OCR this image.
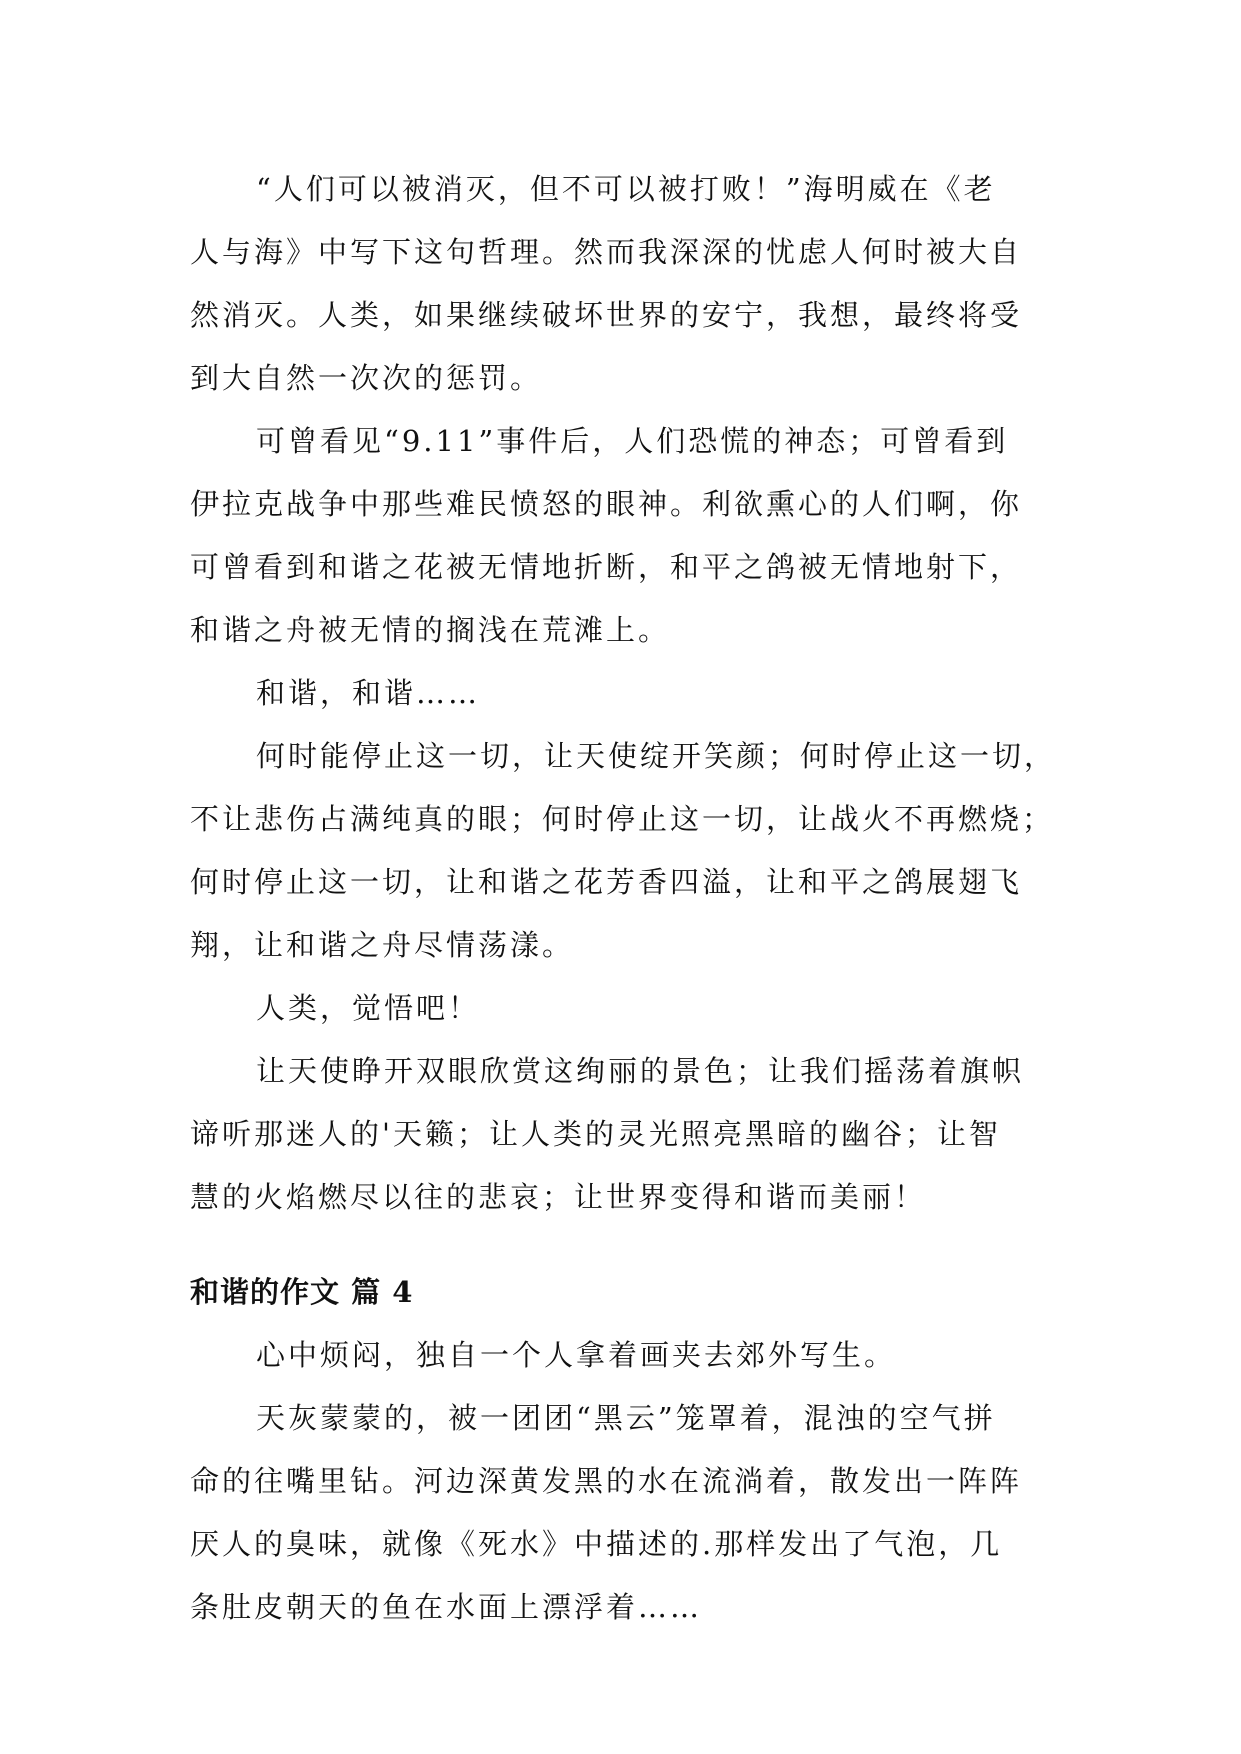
“人们可以被消灭，但不可以被打败！”海明威在《老
人与海》中写下这句哲理。然而我深深的忧虑人何时被大自
然消灭。人类，如果继续破坏世界的安宁，我想，最终将受
到大自然一次次的惩罚。
可曾看见“9.11”事件后，人们恐慌的神态；可曾看到
伊拉克战争中那些难民愤怒的眼神。利欲熏心的人们啊，你
可曾看到和谐之花被无情地折断，和平之鸽被无情地射下，
和谐之舟被无情的搁浅在荒滩上。
和谐，和谐……
何时能停止这一切，让天使绽开笑颜；何时停止这一切，
不让悲伤占满纯真的眼；何时停止这一切，让战火不再燃烧；
何时停止这一切，让和谐之花芳香四溢，让和平之鸽展翅飞
翔，让和谐之舟尽情荡漾。
人类，觉悟吧！
让天使睁开双眼欣赏这绚丽的景色；让我们摇荡着旗帜
谛听那迷人的'天籁；让人类的灵光照亮黑暗的幽谷；让智
慧的火焰燃尽以往的悲哀；让世界变得和谐而美丽！
和谐的作文 篇 4
心中烦闷，独自一个人拿着画夹去郊外写生。
天灰蒙蒙的，被一团团“黑云”笼罩着，混浊的空气拼
命的往嘴里钻。河边深黄发黑的水在流淌着，散发出一阵阵
厌人的臭味，就像《死水》中描述的.那样发出了气泡，几
条肚皮朝天的鱼在水面上漂浮着……
